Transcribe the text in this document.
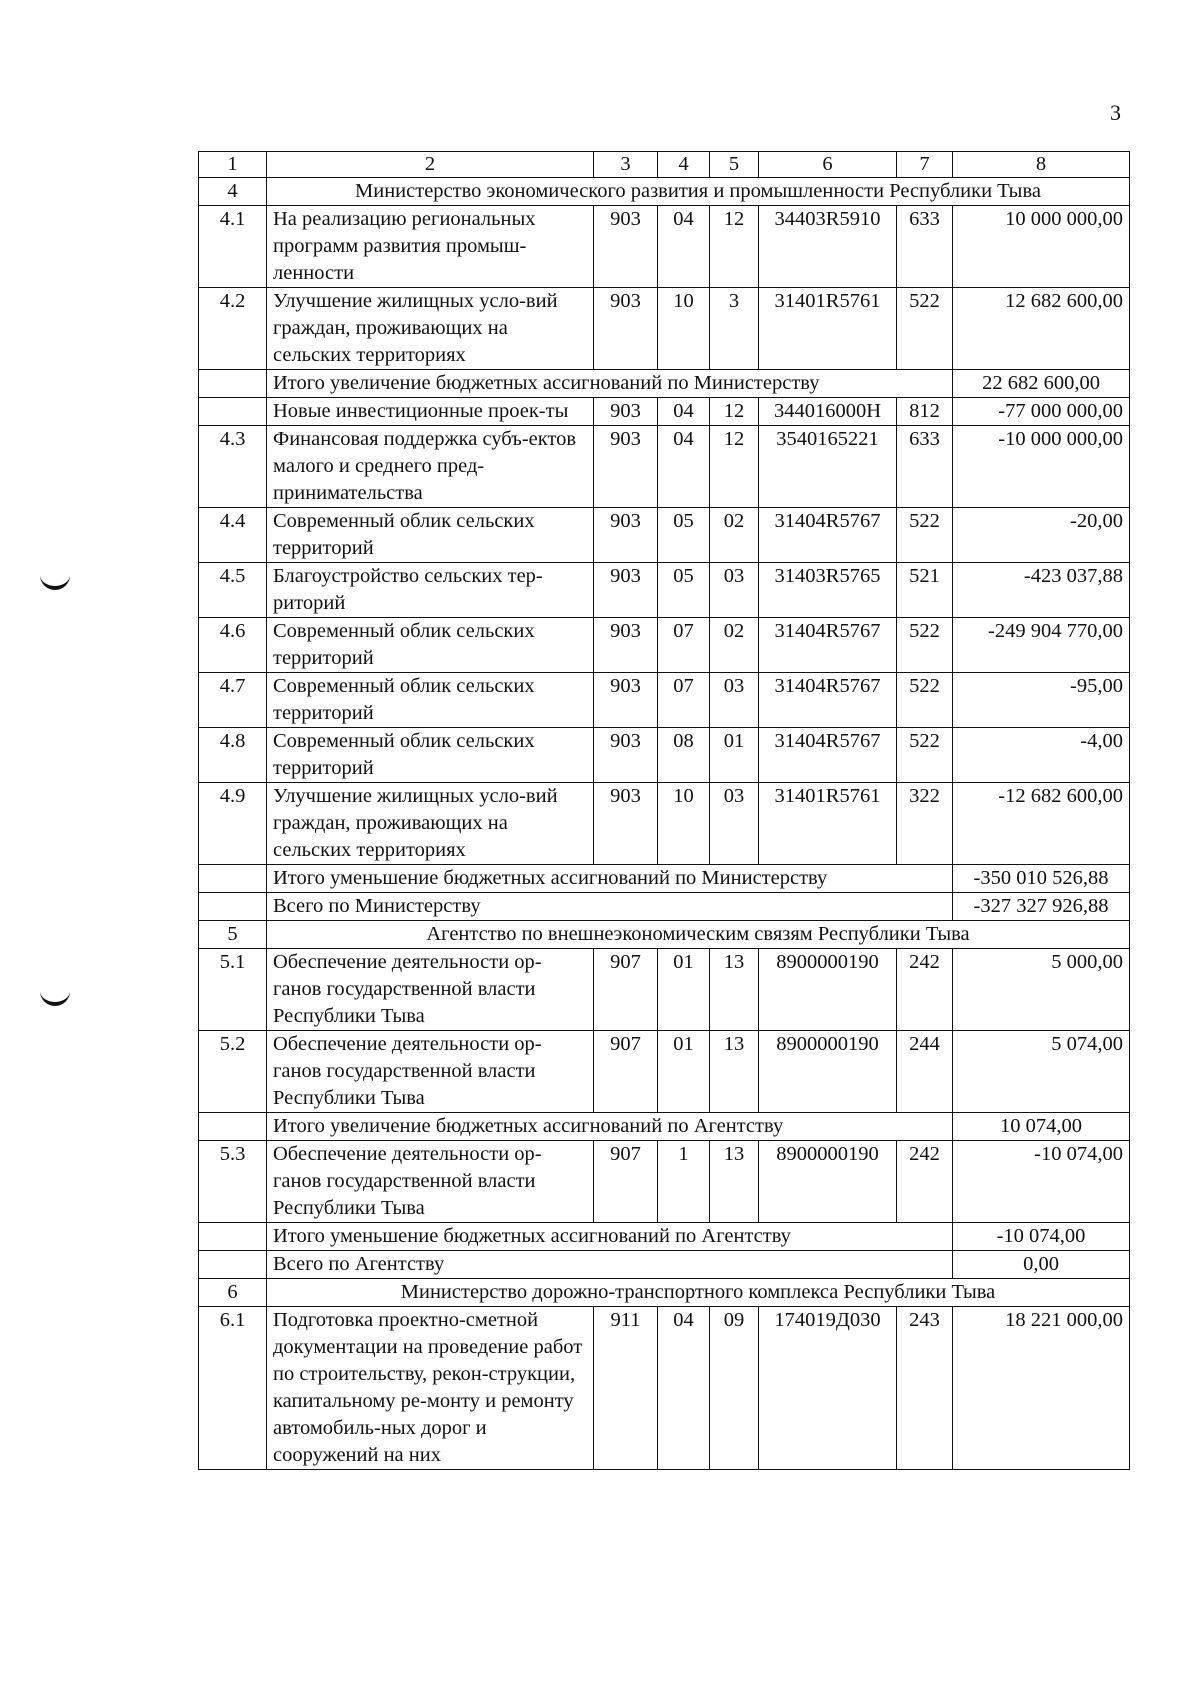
3
1	2	3	4	5	6	7	8
4	Министерство экономического развития и промышленности Республики Тыва						
4.1	На реализацию региональных программ развития промыш-ленности	903	04	12	34403R5910	633	10 000 000,00
4.2	Улучшение жилищных усло-вий граждан, проживающих на сельских территориях	903	10	3	31401R5761	522	12 682 600,00
	Итого увеличение бюджетных ассигнований по Министерству						22 682 600,00
	Новые инвестиционные проек-ты	903	04	12	344016000H	812	-77 000 000,00
4.3	Финансовая поддержка субъ-ектов малого и среднего пред-принимательства	903	04	12	3540165221	633	-10 000 000,00
4.4	Современный облик сельских территорий	903	05	02	31404R5767	522	-20,00
4.5	Благоустройство сельских тер-риторий	903	05	03	31403R5765	521	-423 037,88
4.6	Современный облик сельских территорий	903	07	02	31404R5767	522	-249 904 770,00
4.7	Современный облик сельских территорий	903	07	03	31404R5767	522	-95,00
4.8	Современный облик сельских территорий	903	08	01	31404R5767	522	-4,00
4.9	Улучшение жилищных усло-вий граждан, проживающих на сельских территориях	903	10	03	31401R5761	322	-12 682 600,00
	Итого уменьшение бюджетных ассигнований по Министерству						-350 010 526,88
	Всего по Министерству						-327 327 926,88
5	Агентство по внешнеэкономическим связям Республики Тыва						
5.1	Обеспечение деятельности ор-ганов государственной власти Республики Тыва	907	01	13	8900000190	242	5 000,00
5.2	Обеспечение деятельности ор-ганов государственной власти Республики Тыва	907	01	13	8900000190	244	5 074,00
	Итого увеличение бюджетных ассигнований по Агентству						10 074,00
5.3	Обеспечение деятельности ор-ганов государственной власти Республики Тыва	907	1	13	8900000190	242	-10 074,00
	Итого уменьшение бюджетных ассигнований по Агентству						-10 074,00
	Всего по Агентству						0,00
6	Министерство дорожно-транспортного комплекса Республики Тыва						
6.1	Подготовка проектно-сметной документации на проведение работ по строительству, рекон-струкции, капитальному ре-монту и ремонту автомобиль-ных дорог и сооружений на них	911	04	09	174019Д030	243	18 221 000,00
